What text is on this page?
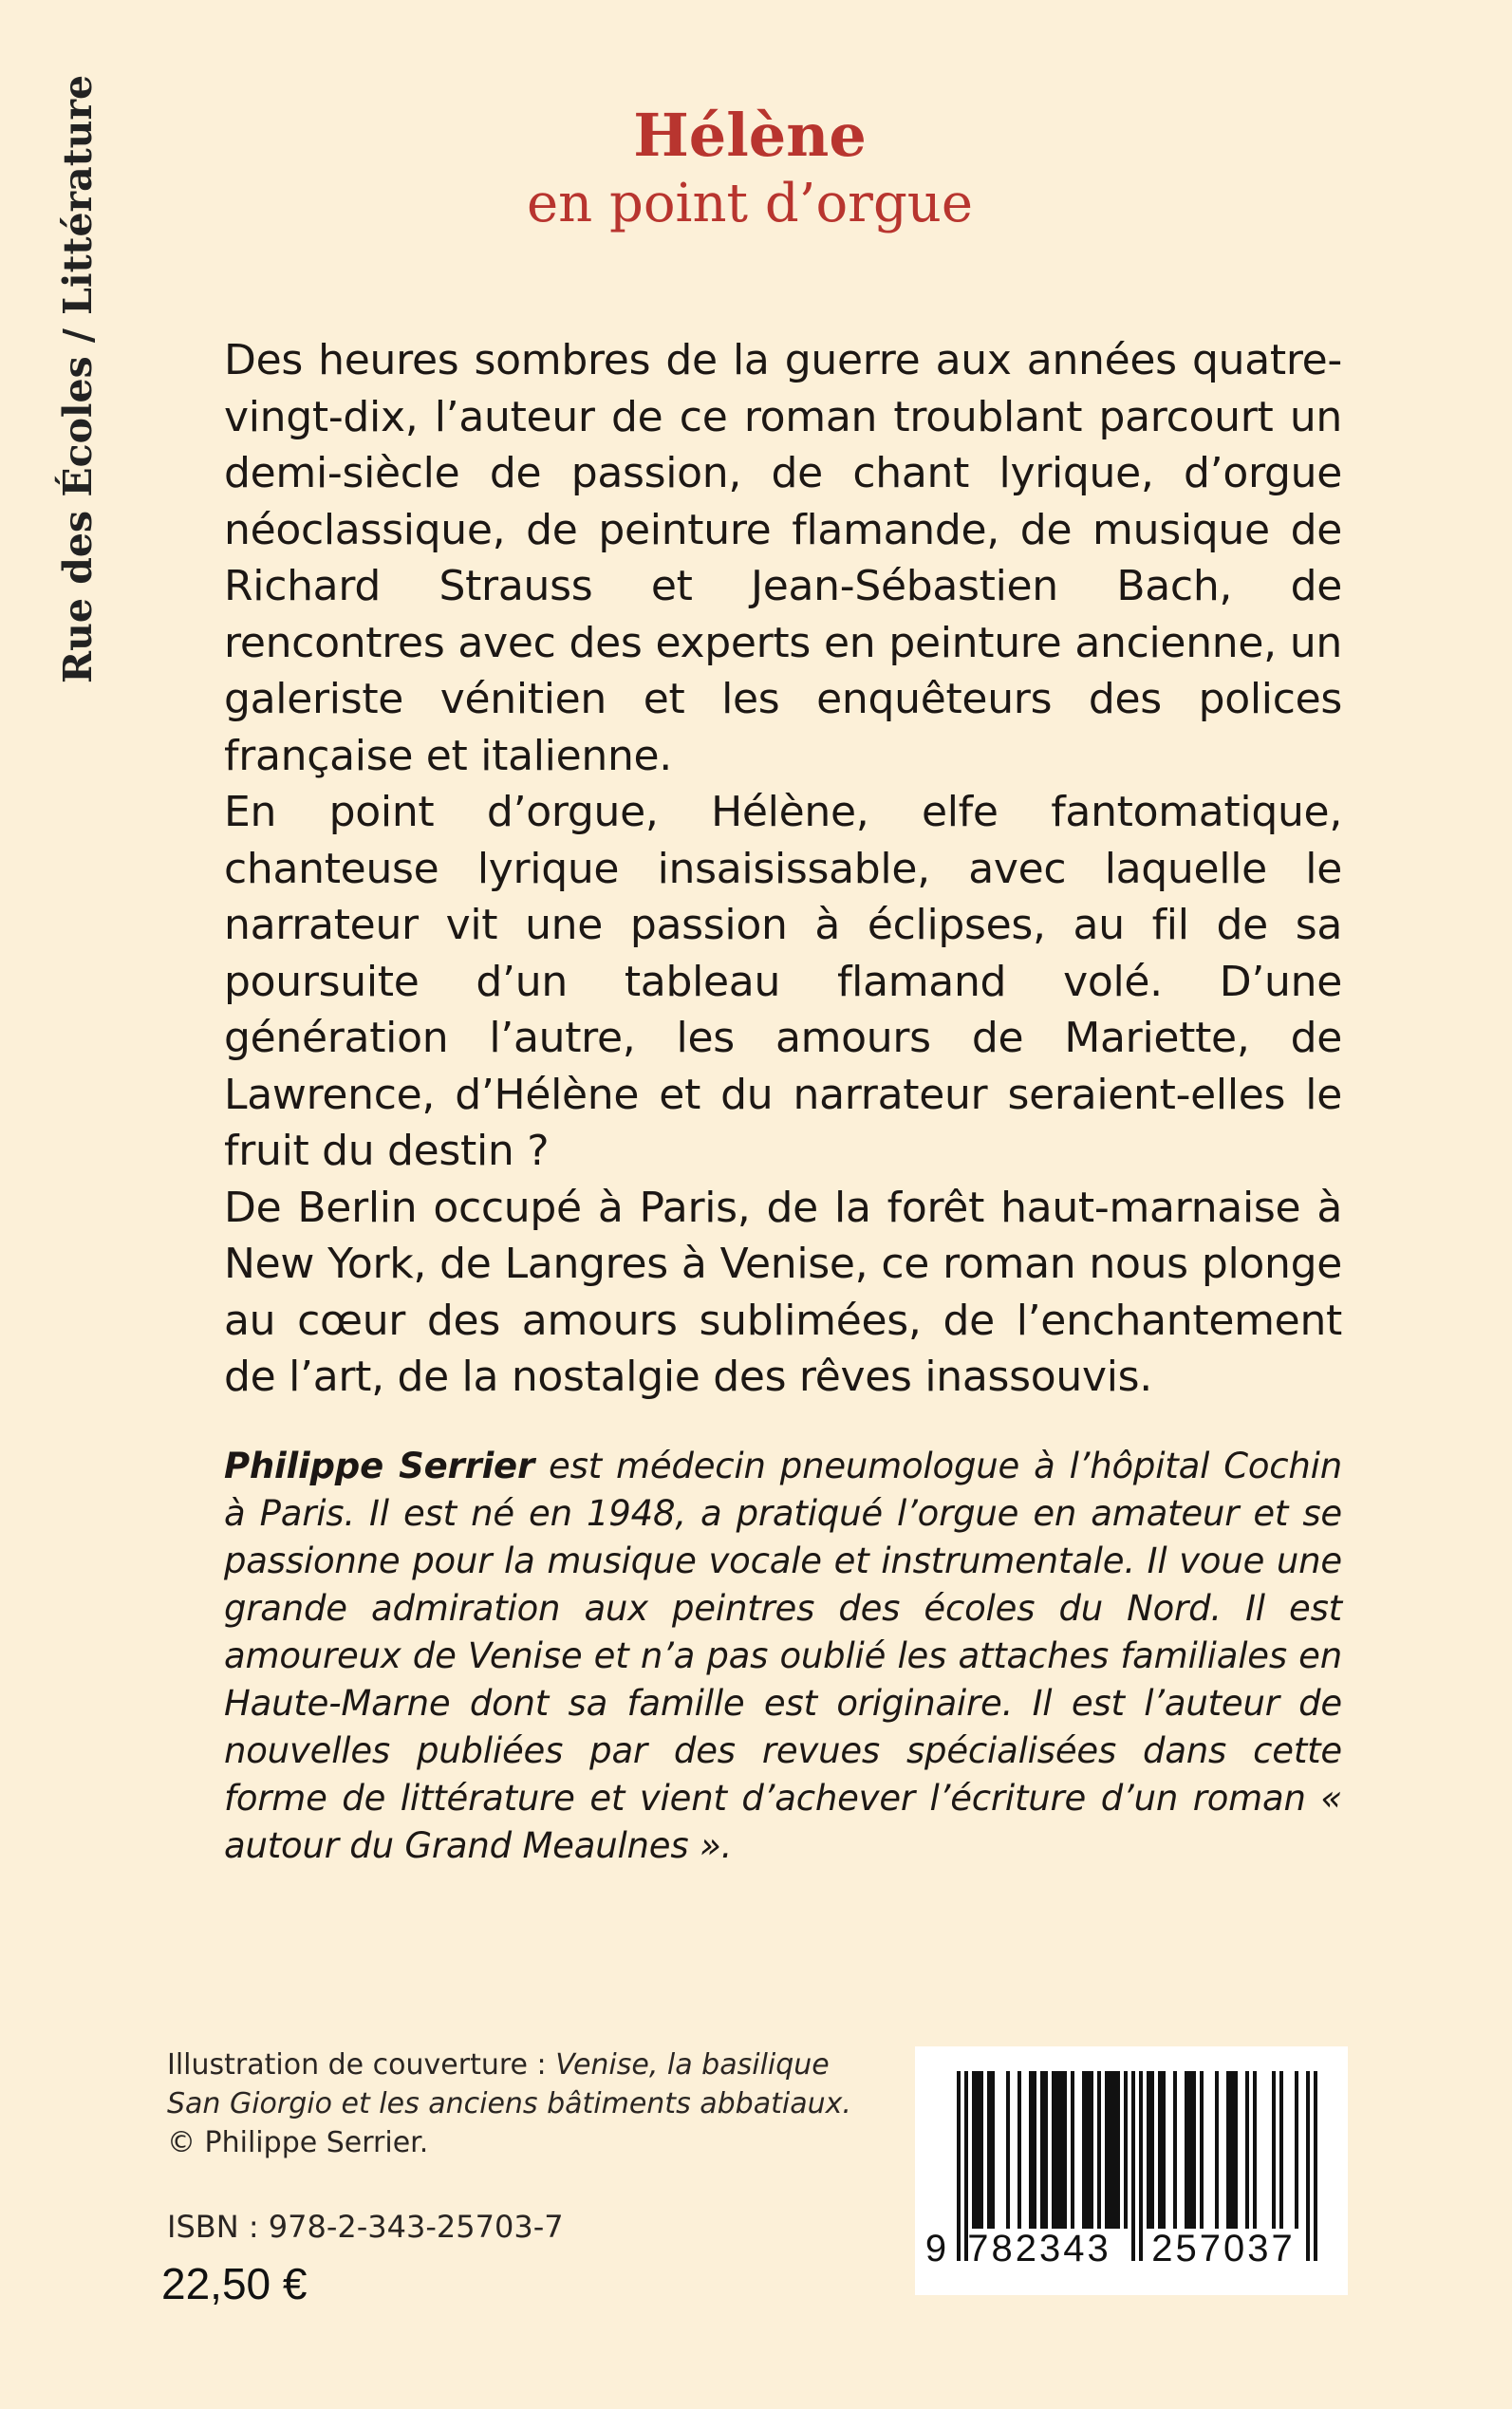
Rue des Écoles / Littérature	Hélène
en point d’orgue

Des heures sombres de la guerre aux années quatre-vingt-dix, l’auteur de ce roman troublant parcourt un demi-siècle de passion, de chant lyrique, d’orgue néoclassique, de peinture flamande, de musique de Richard Strauss et Jean-Sébastien Bach, de rencontres avec des experts en peinture ancienne, un galeriste vénitien et les enquêteurs des polices française et italienne.

En point d’orgue, Hélène, elfe fantomatique, chanteuse lyrique insaisissable, avec laquelle le narrateur vit une passion à éclipses, au fil de sa poursuite d’un tableau flamand volé. D’une génération l’autre, les amours de Mariette, de Lawrence, d’Hélène et du narrateur seraient-elles le fruit du destin ?

De Berlin occupé à Paris, de la forêt haut-marnaise à New York, de Langres à Venise, ce roman nous plonge au cœur des amours sublimées, de l’enchantement de l’art, de la nostalgie des rêves inassouvis.

Philippe Serrier est médecin pneumologue à l’hôpital Cochin à Paris. Il est né en 1948, a pratiqué l’orgue en amateur et se passionne pour la musique vocale et instrumentale. Il voue une grande admiration aux peintres des écoles du Nord. Il est amoureux de Venise et n’a pas oublié les attaches familiales en Haute-Marne dont sa famille est originaire. Il est l’auteur de nouvelles publiées par des revues spécialisées dans cette forme de littérature et vient d’achever l’écriture d’un roman « autour du Grand Meaulnes ».
Illustration de couverture : Venise, la basilique
San Giorgio et les anciens bâtiments abbatiaux.
© Philippe Serrier.
ISBN : 978-2-343-25703-7
22,50 €
9 782343 257037
